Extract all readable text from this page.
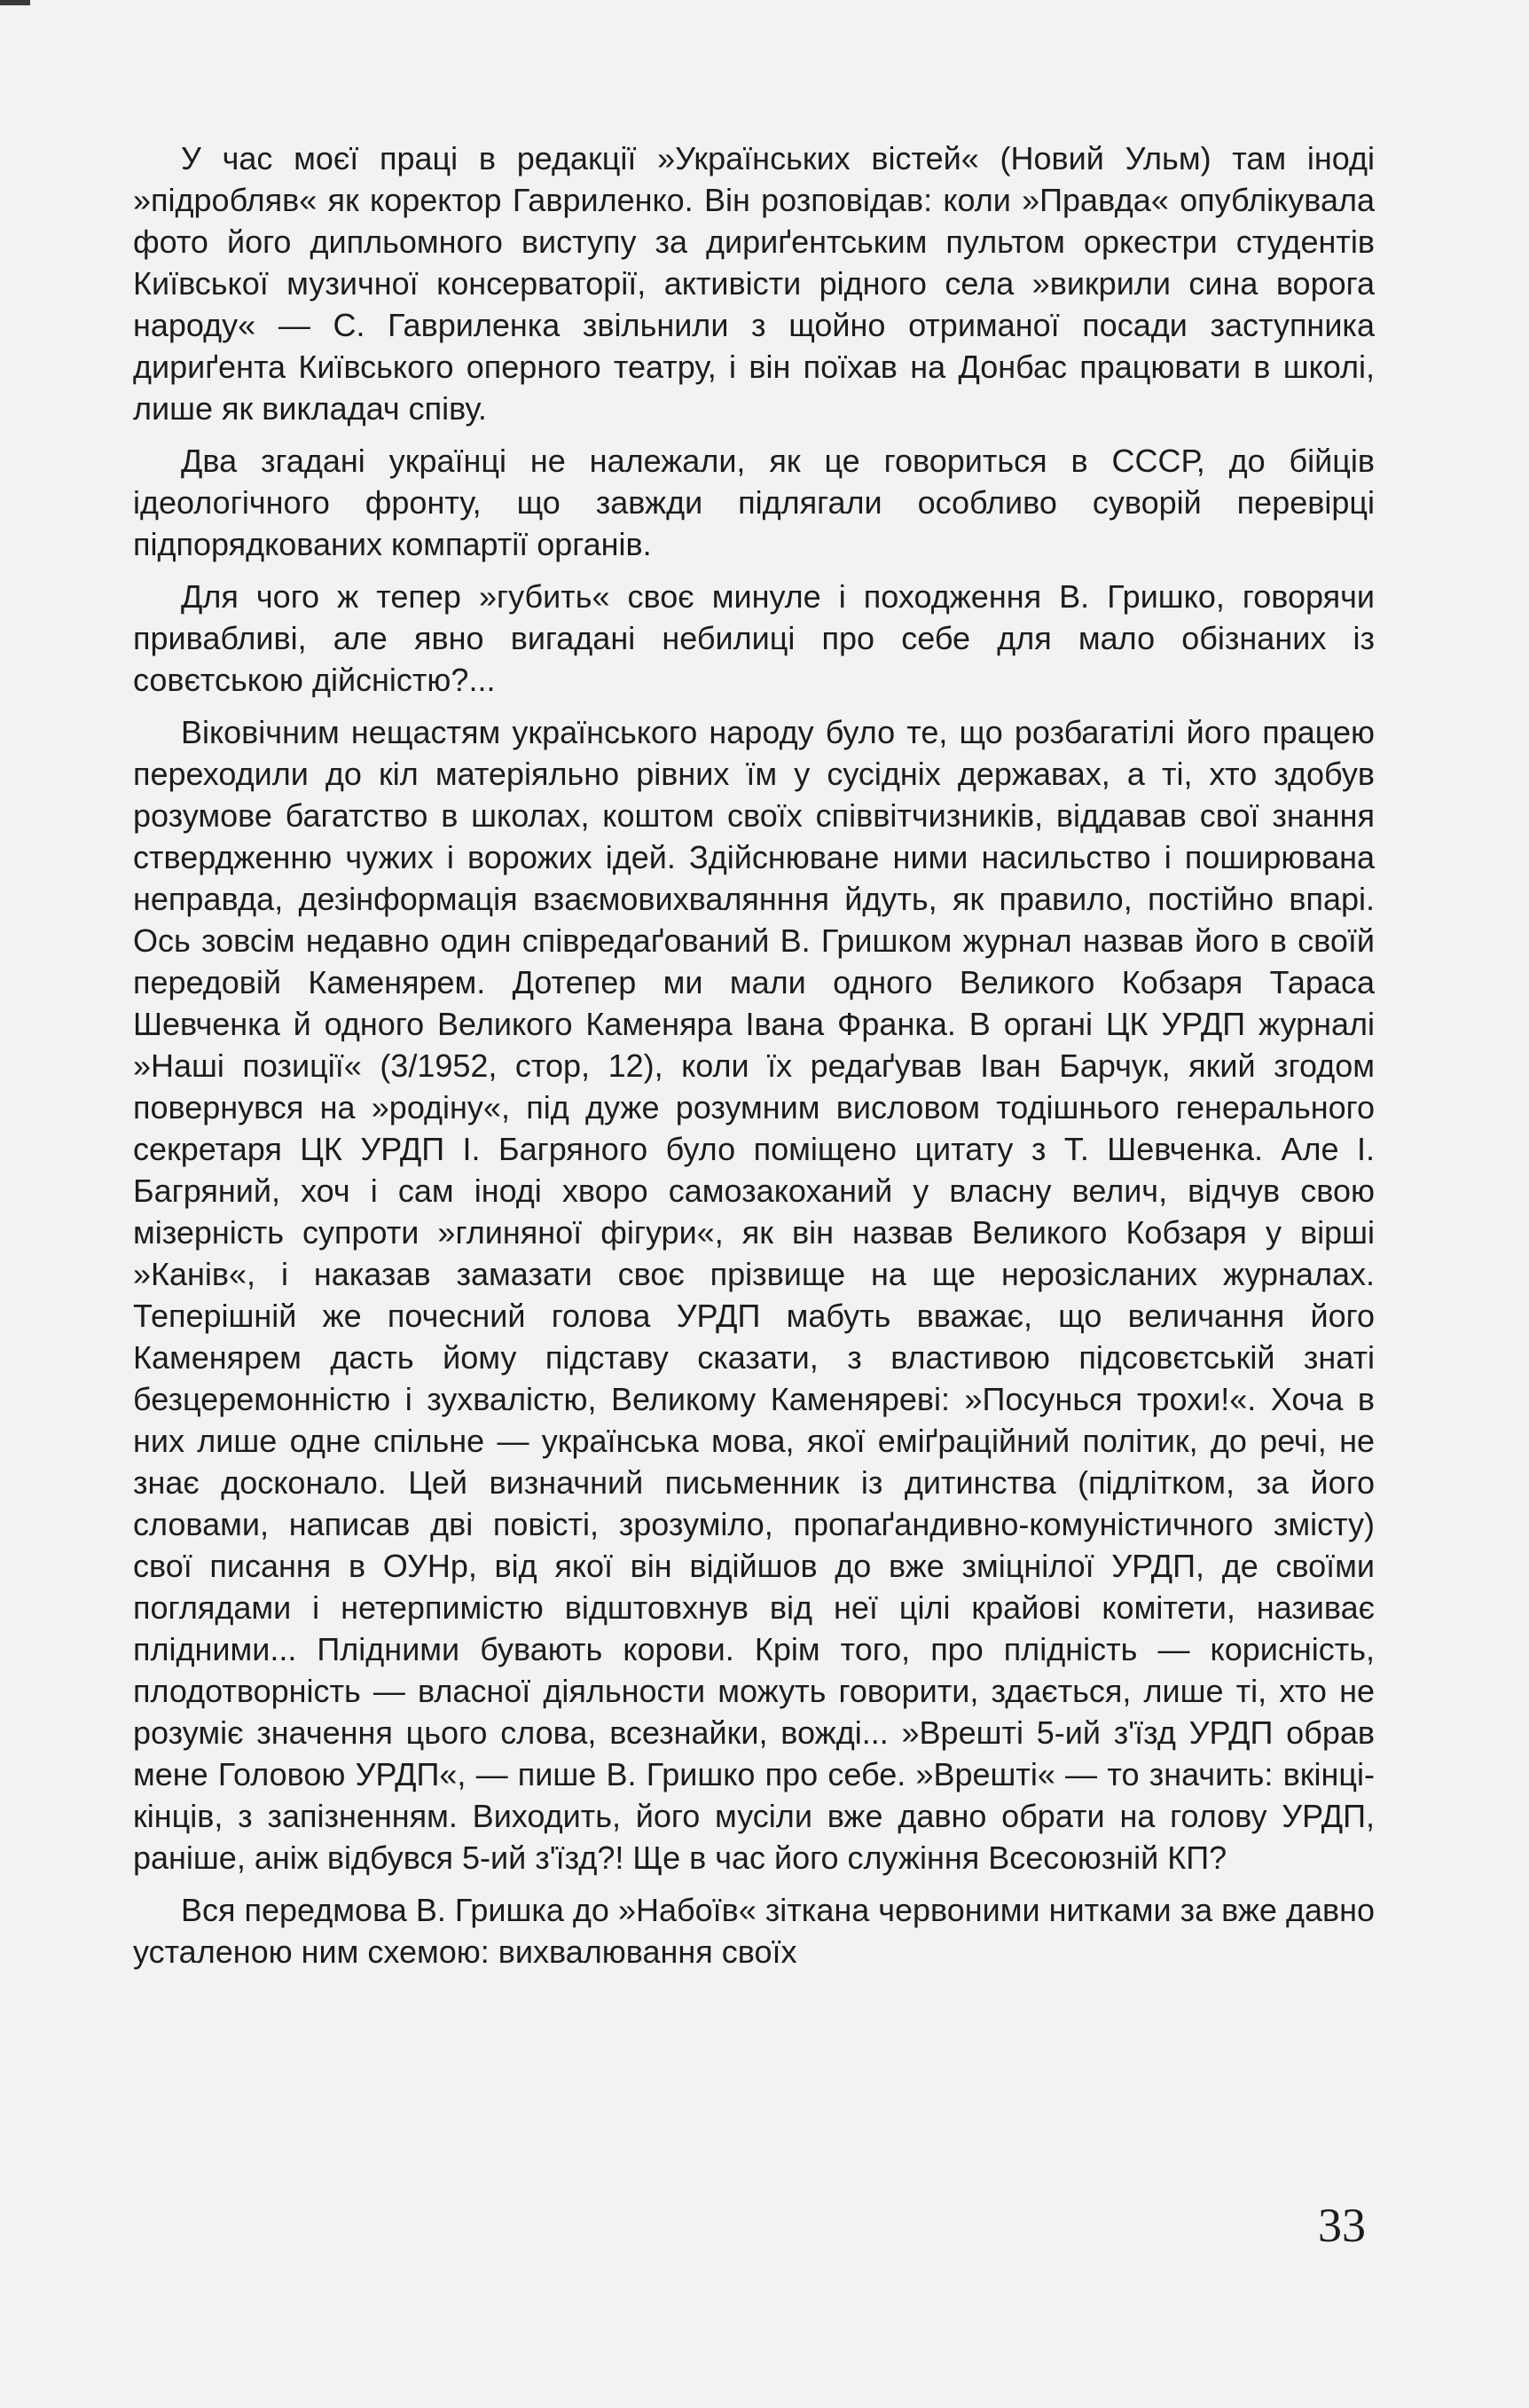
У час моєї праці в редакції »Українських вістей« (Новий Ульм) там іноді »підробляв« як коректор Гавриленко. Він розповідав: коли »Правда« опублікувала фото його дипльомного виступу за дириґентським пультом оркестри студентів Київської музичної консерваторії, активісти рідного села »викрили сина ворога народу« — С. Гавриленка звільнили з щойно отриманої посади заступника дириґента Київського оперного театру, і він поїхав на Донбас працювати в школі, лише як викладач співу.

Два згадані українці не належали, як це говориться в СССР, до бійців ідеологічного фронту, що завжди підлягали особливо суворій перевірці підпорядкованих компартії органів.

Для чого ж тепер »губить« своє минуле і походження В. Гришко, говорячи привабливі, але явно вигадані небилиці про себе для мало обізнаних із совєтською дійсністю?...

Віковічним нещастям українського народу було те, що розбагатілі його працею переходили до кіл матеріяльно рівних їм у сусідніх державах, а ті, хто здобув розумове багатство в школах, коштом своїх співвітчизників, віддавав свої знання ствердженню чужих і ворожих ідей. Здійснюване ними насильство і поширювана неправда, дезінформація взаємовихвалянння йдуть, як правило, постійно впарі. Ось зовсім недавно один співредаґований В. Гришком журнал назвав його в своїй передовій Каменярем. Дотепер ми мали одного Великого Кобзаря Тараса Шевченка й одного Великого Каменяра Івана Франка. В органі ЦК УРДП журналі »Наші позиції« (3/1952, стор, 12), коли їх редаґував Іван Барчук, який згодом повернувся на »родіну«, під дуже розумним висловом тодішнього генерального секретаря ЦК УРДП І. Багряного було поміщено цитату з Т. Шевченка. Але І. Багряний, хоч і сам іноді хворо самозакоханий у власну велич, відчув свою мізерність супроти »глиняної фігури«, як він назвав Великого Кобзаря у вірші »Канів«, і наказав замазати своє прізвище на ще нерозісланих журналах. Теперішній же почесний голова УРДП мабуть вважає, що величання його Каменярем дасть йому підставу сказати, з властивою підсовєтській знаті безцеремонністю і зухвалістю, Великому Каменяреві: »Посунься трохи!«. Хоча в них лише одне спільне — українська мова, якої еміґраційний політик, до речі, не знає досконало. Цей визначний письменник із дитинства (підлітком, за його словами, написав дві повісті, зрозуміло, пропаґандивно-комуністичного змісту) свої писання в ОУНр, від якої він відійшов до вже зміцнілої УРДП, де своїми поглядами і нетерпимістю відштовхнув від неї цілі крайові комітети, називає плідними... Плідними бувають корови. Крім того, про плідність — корисність, плодотворність — власної діяльности можуть говорити, здається, лише ті, хто не розуміє значення цього слова, всезнайки, вожді... »Врешті 5-ий з'їзд УРДП обрав мене Головою УРДП«, — пише В. Гришко про себе. »Врешті« — то значить: вкінці-кінців, з запізненням. Виходить, його мусіли вже давно обрати на голову УРДП, раніше, аніж відбувся 5-ий з'їзд?! Ще в час його служіння Всесоюзній КП?

Вся передмова В. Гришка до »Набоїв« зіткана червоними нитками за вже давно усталеною ним схемою: вихвалювання своїх

33
